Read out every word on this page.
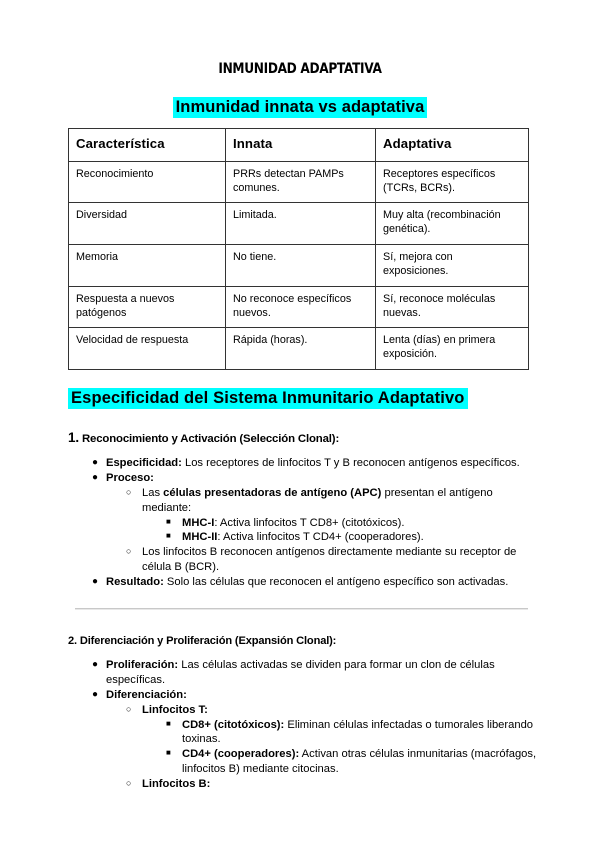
INMUNIDAD ADAPTATIVA
Inmunidad innata vs adaptativa
Característica	Innata	Adaptativa
Reconocimiento	PRRs detectan PAMPs comunes.	Receptores específicos (TCRs, BCRs).
Diversidad	Limitada.	Muy alta (recombinación genética).
Memoria	No tiene.	Sí, mejora con exposiciones.
Respuesta a nuevos patógenos	No reconoce específicos nuevos.	Sí, reconoce moléculas nuevas.
Velocidad de respuesta	Rápida (horas).	Lenta (días) en primera exposición.
Especificidad del Sistema Inmunitario Adaptativo
1. Reconocimiento y Activación (Selección Clonal):
● Especificidad: Los receptores de linfocitos T y B reconocen antígenos específicos.
● Proceso:
○ Las células presentadoras de antígeno (APC) presentan el antígeno mediante:
■ MHC-I: Activa linfocitos T CD8+ (citotóxicos).
■ MHC-II: Activa linfocitos T CD4+ (cooperadores).
○ Los linfocitos B reconocen antígenos directamente mediante su receptor de célula B (BCR).
● Resultado: Solo las células que reconocen el antígeno específico son activadas.
2. Diferenciación y Proliferación (Expansión Clonal):
● Proliferación: Las células activadas se dividen para formar un clon de células específicas.
● Diferenciación:
○ Linfocitos T:
■ CD8+ (citotóxicos): Eliminan células infectadas o tumorales liberando toxinas.
■ CD4+ (cooperadores): Activan otras células inmunitarias (macrófagos, linfocitos B) mediante citocinas.
○ Linfocitos B:
